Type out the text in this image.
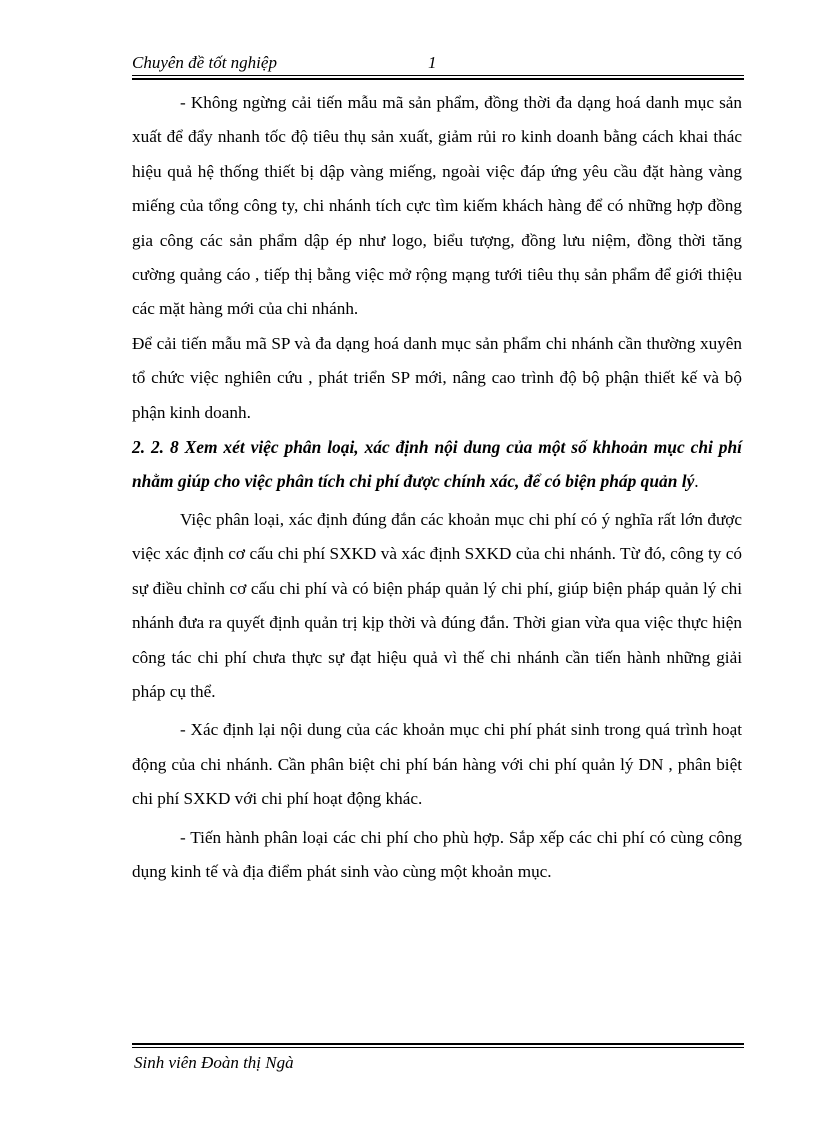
Chuyên đề tốt nghiệp	1

- Không ngừng cải tiến mẫu mã sản phẩm, đồng thời đa dạng hoá danh mục sản xuất để đẩy nhanh tốc độ tiêu thụ sản xuất, giảm rủi ro kinh doanh bằng cách khai thác hiệu quả hệ thống thiết bị dập vàng miếng, ngoài việc đáp ứng yêu cầu đặt hàng vàng miếng của tổng công ty, chi nhánh tích cực tìm kiếm khách hàng để có những hợp đồng gia công các sản phẩm dập ép như logo, biểu tượng, đồng lưu niệm, đồng thời tăng cường quảng cáo , tiếp thị bằng việc mở rộng mạng tưới tiêu thụ sản phẩm để giới thiệu các mặt hàng mới của chi nhánh.

Để cải tiến mẫu mã SP và đa dạng hoá danh mục sản phẩm chi nhánh cần thường xuyên tổ chức việc nghiên cứu , phát triển SP mới, nâng cao trình độ bộ phận thiết kế và bộ phận kinh doanh.

2. 2. 8 Xem xét việc phân loại, xác định nội dung của một số khhoản mục chi phí nhằm giúp cho việc phân tích chi phí được chính xác, để có biện pháp quản lý.

Việc phân loại, xác định đúng đắn các khoản mục chi phí có ý nghĩa rất lớn được việc xác định cơ cấu chi phí SXKD và xác định SXKD của chi nhánh. Từ đó, công ty có sự điều chỉnh cơ cấu chi phí và có biện pháp quản lý chi phí, giúp biện pháp quản lý chi nhánh đưa ra quyết định quản trị kịp thời và đúng đắn. Thời gian vừa qua việc thực hiện công tác chi phí chưa thực sự đạt hiệu quả vì thế chi nhánh cần tiến hành những giải pháp cụ thể.

- Xác định lại nội dung của các khoản mục chi phí phát sinh trong quá trình hoạt động của chi nhánh. Cần phân biệt chi phí bán hàng với chi phí quản lý DN , phân biệt chi phí SXKD với chi phí hoạt động khác.

- Tiến hành phân loại các chi phí cho phù hợp. Sắp xếp các chi phí có cùng công dụng kinh tế và địa điểm phát sinh vào cùng một khoản mục.

Sinh viên Đoàn thị Ngà
